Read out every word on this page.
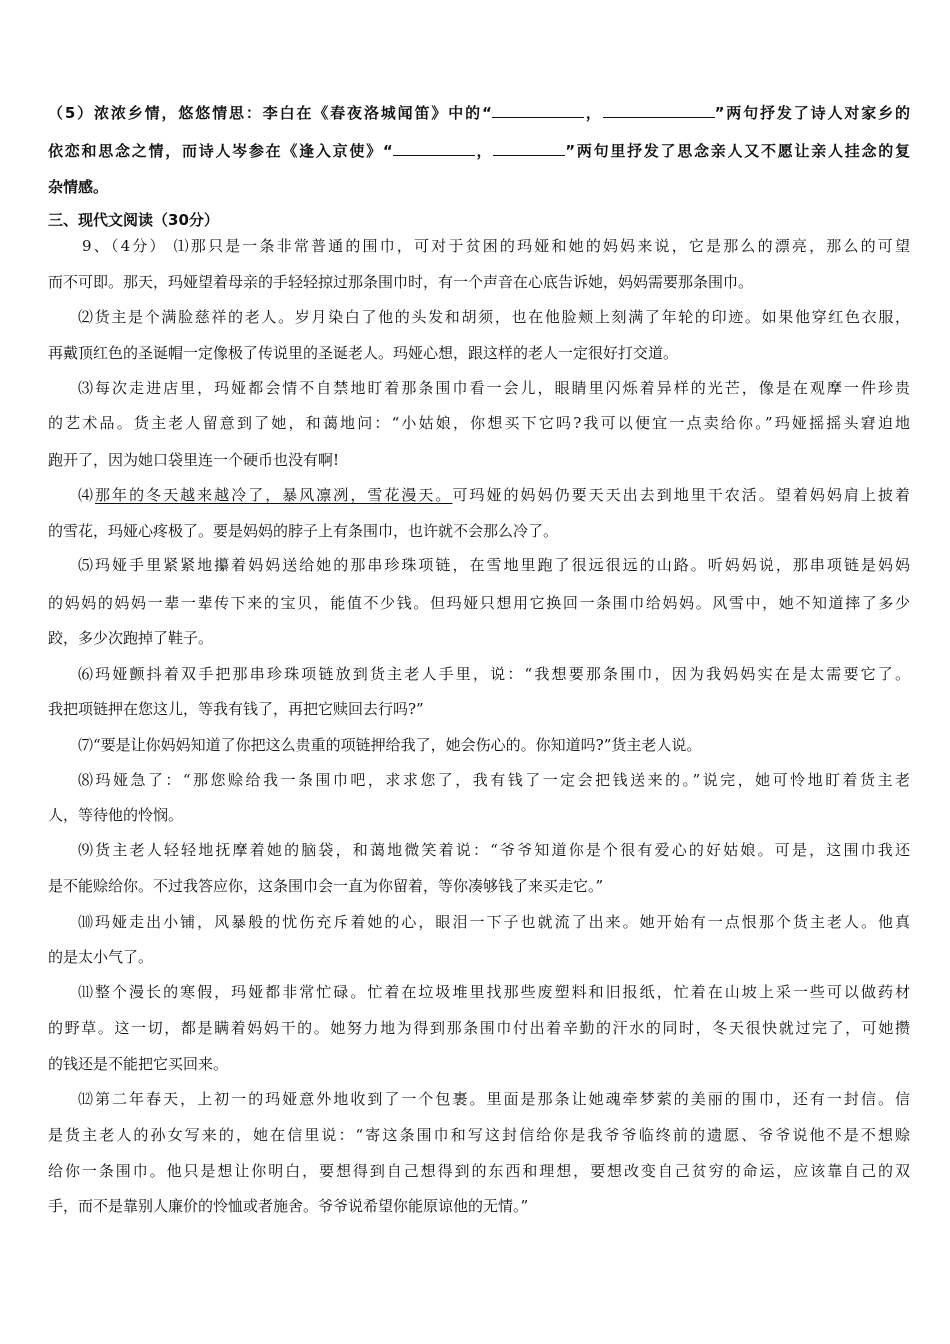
（5）浓浓乡情，悠悠情思：李白在《春夜洛城闻笛》中的“	，	”两句抒发了诗人对家乡的
依恋和思念之情，而诗人岑参在《逢入京使》“	，	”两句里抒发了思念亲人又不愿让亲人挂念的复
杂情感。
三、现代文阅读（30分）
9、（4分） ⑴那只是一条非常普通的围巾，可对于贫困的玛娅和她的妈妈来说，它是那么的漂亮，那么的可望
而不可即。那天，玛娅望着母亲的手轻轻掠过那条围巾时，有一个声音在心底告诉她，妈妈需要那条围巾。
⑵货主是个满脸慈祥的老人。岁月染白了他的头发和胡须，也在他脸颊上刻满了年轮的印迹。如果他穿红色衣服，
再戴顶红色的圣诞帽一定像极了传说里的圣诞老人。玛娅心想，跟这样的老人一定很好打交道。
⑶每次走进店里，玛娅都会情不自禁地盯着那条围巾看一会儿，眼睛里闪烁着异样的光芒，像是在观摩一件珍贵
的艺术品。货主老人留意到了她，和蔼地问：“小姑娘，你想买下它吗?我可以便宜一点卖给你。”玛娅摇摇头窘迫地
跑开了，因为她口袋里连一个硬币也没有啊!
⑷那年的冬天越来越冷了，暴风凛冽，雪花漫天。可玛娅的妈妈仍要天天出去到地里干农活。望着妈妈肩上披着
的雪花，玛娅心疼极了。要是妈妈的脖子上有条围巾，也许就不会那么冷了。
⑸玛娅手里紧紧地攥着妈妈送给她的那串珍珠项链，在雪地里跑了很远很远的山路。听妈妈说，那串项链是妈妈
的妈妈的妈妈一辈一辈传下来的宝贝，能值不少钱。但玛娅只想用它换回一条围巾给妈妈。风雪中，她不知道摔了多少
跤，多少次跑掉了鞋子。
⑹玛娅颤抖着双手把那串珍珠项链放到货主老人手里，说：“我想要那条围巾，因为我妈妈实在是太需要它了。
我把项链押在您这儿，等我有钱了，再把它赎回去行吗?”
⑺“要是让你妈妈知道了你把这么贵重的项链押给我了，她会伤心的。你知道吗?”货主老人说。
⑻玛娅急了：“那您赊给我一条围巾吧，求求您了，我有钱了一定会把钱送来的。”说完，她可怜地盯着货主老
人，等待他的怜悯。
⑼货主老人轻轻地抚摩着她的脑袋，和蔼地微笑着说：“爷爷知道你是个很有爱心的好姑娘。可是，这围巾我还
是不能赊给你。不过我答应你，这条围巾会一直为你留着，等你凑够钱了来买走它。”
⑽玛娅走出小铺，风暴般的忧伤充斥着她的心，眼泪一下子也就流了出来。她开始有一点恨那个货主老人。他真
的是太小气了。
⑾整个漫长的寒假，玛娅都非常忙碌。忙着在垃圾堆里找那些废塑料和旧报纸，忙着在山坡上采一些可以做药材
的野草。这一切，都是瞒着妈妈干的。她努力地为得到那条围巾付出着辛勤的汗水的同时，冬天很快就过完了，可她攒
的钱还是不能把它买回来。
⑿第二年春天，上初一的玛娅意外地收到了一个包裹。里面是那条让她魂牵梦萦的美丽的围巾，还有一封信。信
是货主老人的孙女写来的，她在信里说：“寄这条围巾和写这封信给你是我爷爷临终前的遗愿、爷爷说他不是不想赊
给你一条围巾。他只是想让你明白，要想得到自己想得到的东西和理想，要想改变自己贫穷的命运，应该靠自己的双
手，而不是靠别人廉价的怜恤或者施舍。爷爷说希望你能原谅他的无情。”
